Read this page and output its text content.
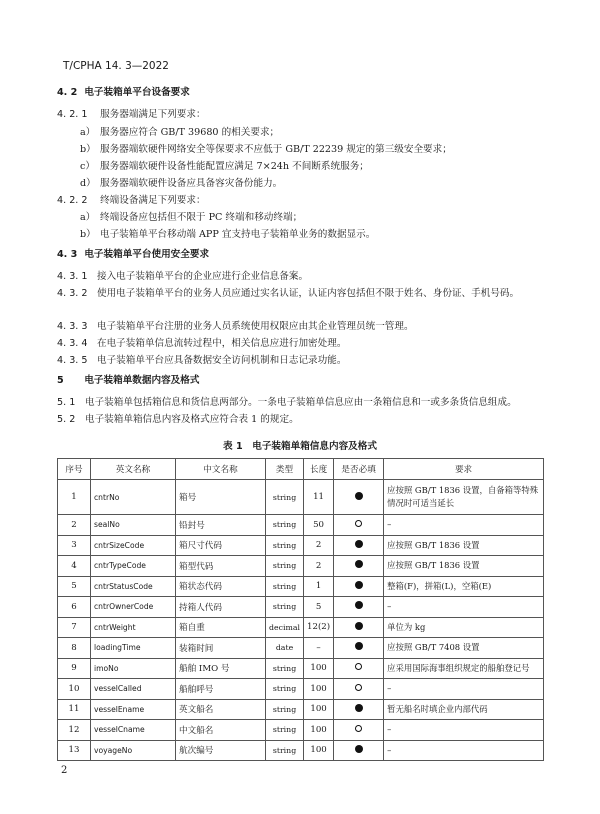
T/CPHA 14. 3—2022
4. 2 电子装箱单平台设备要求
4. 2. 1 服务器端满足下列要求：
a） 服务器应符合 GB/T 39680 的相关要求；
b） 服务器端软硬件网络安全等保要求不应低于 GB/T 22239 规定的第三级安全要求；
c） 服务器端软硬件设备性能配置应满足 7×24h 不间断系统服务；
d） 服务器端软硬件设备应具备容灾备份能力。
4. 2. 2 终端设备满足下列要求：
a） 终端设备应包括但不限于 PC 终端和移动终端；
b） 电子装箱单平台移动端 APP 宜支持电子装箱单业务的数据显示。
4. 3 电子装箱单平台使用安全要求
4. 3. 1 接入电子装箱单平台的企业应进行企业信息备案。
4. 3. 2 使用电子装箱单平台的业务人员应通过实名认证，认证内容包括但不限于姓名、身份证、手机号码。
4. 3. 3 电子装箱单平台注册的业务人员系统使用权限应由其企业管理员统一管理。
4. 3. 4 在电子装箱单信息流转过程中，相关信息应进行加密处理。
4. 3. 5 电子装箱单平台应具备数据安全访问机制和日志记录功能。
5 电子装箱单数据内容及格式
5. 1 电子装箱单包括箱信息和货信息两部分。一条电子装箱单信息应由一条箱信息和一或多条货信息组成。
表 1　电子装箱单箱信息内容及格式
序号	英文名称	中文名称	类型	长度	是否必填	要求
1	cntrNo	箱号	string	11		应按照 GB/T 1836 设置，自备箱等特殊情况时可适当延长
2	sealNo	铅封号	string	50		–
3	cntrSizeCode	箱尺寸代码	string	2		应按照 GB/T 1836 设置
4	cntrTypeCode	箱型代码	string	2		应按照 GB/T 1836 设置
5	cntrStatusCode	箱状态代码	string	1		整箱(F)，拼箱(L)，空箱(E)
6	cntrOwnerCode	持箱人代码	string	5		–
7	cntrWeight	箱自重	decimal	12(2)		单位为 kg
8	loadingTime	装箱时间	date	–		应按照 GB/T 7408 设置
9	imoNo	船舶 IMO 号	string	100		应采用国际海事组织规定的船舶登记号
10	vesselCalled	船舶呼号	string	100		–
11	vesselEname	英文船名	string	100		暂无船名时填企业内部代码
12	vesselCname	中文船名	string	100		–
13	voyageNo	航次编号	string	100		–
2
5. 2 电子装箱单箱信息内容及格式应符合表 1 的规定。
